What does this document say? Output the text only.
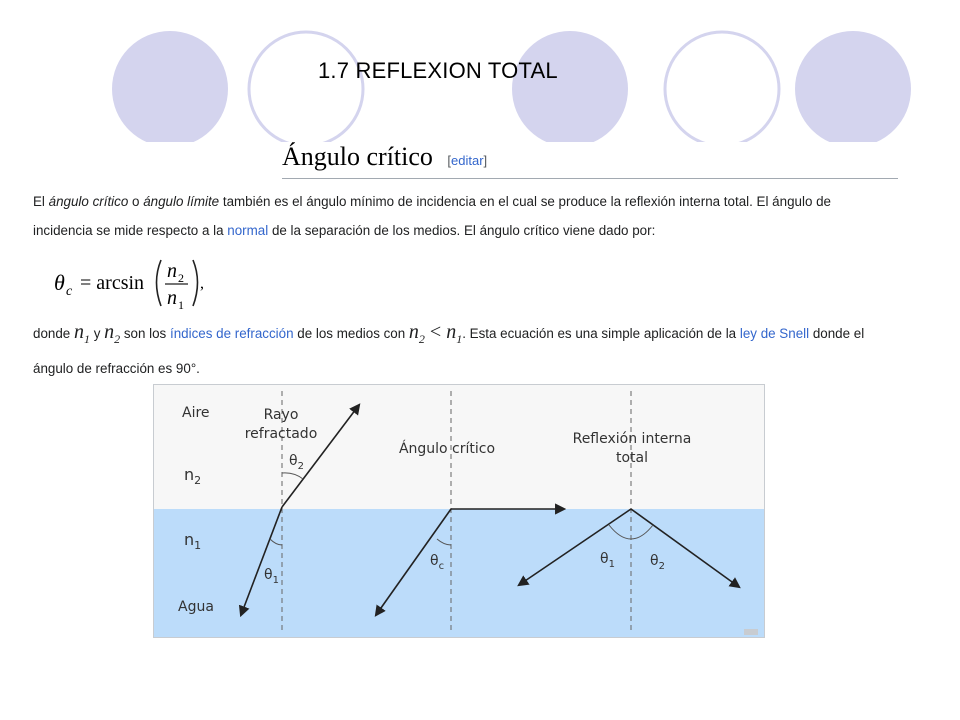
1.7 REFLEXION TOTAL
Ángulo crítico [editar]
El ángulo crítico o ángulo límite también es el ángulo mínimo de incidencia en el cual se produce la reflexión interna total. El ángulo de incidencia se mide respecto a la normal de la separación de los medios. El ángulo crítico viene dado por:
θ c = arcsin
n 2
n 1
,
donde $n_1$ y $n_2$ son los índices de refracción de los medios con $n_2 < n_1$. Esta ecuación es una simple aplicación de la ley de Snell donde el ángulo de refracción es 90°.
Aire
$n_2$
$n_1$
Agua
Rayo
refractado
$\theta_2$
$\theta_1$
Ángulo crítico
$\theta_c$
Reflexión interna
total
$\theta_1$	$\theta_2$
